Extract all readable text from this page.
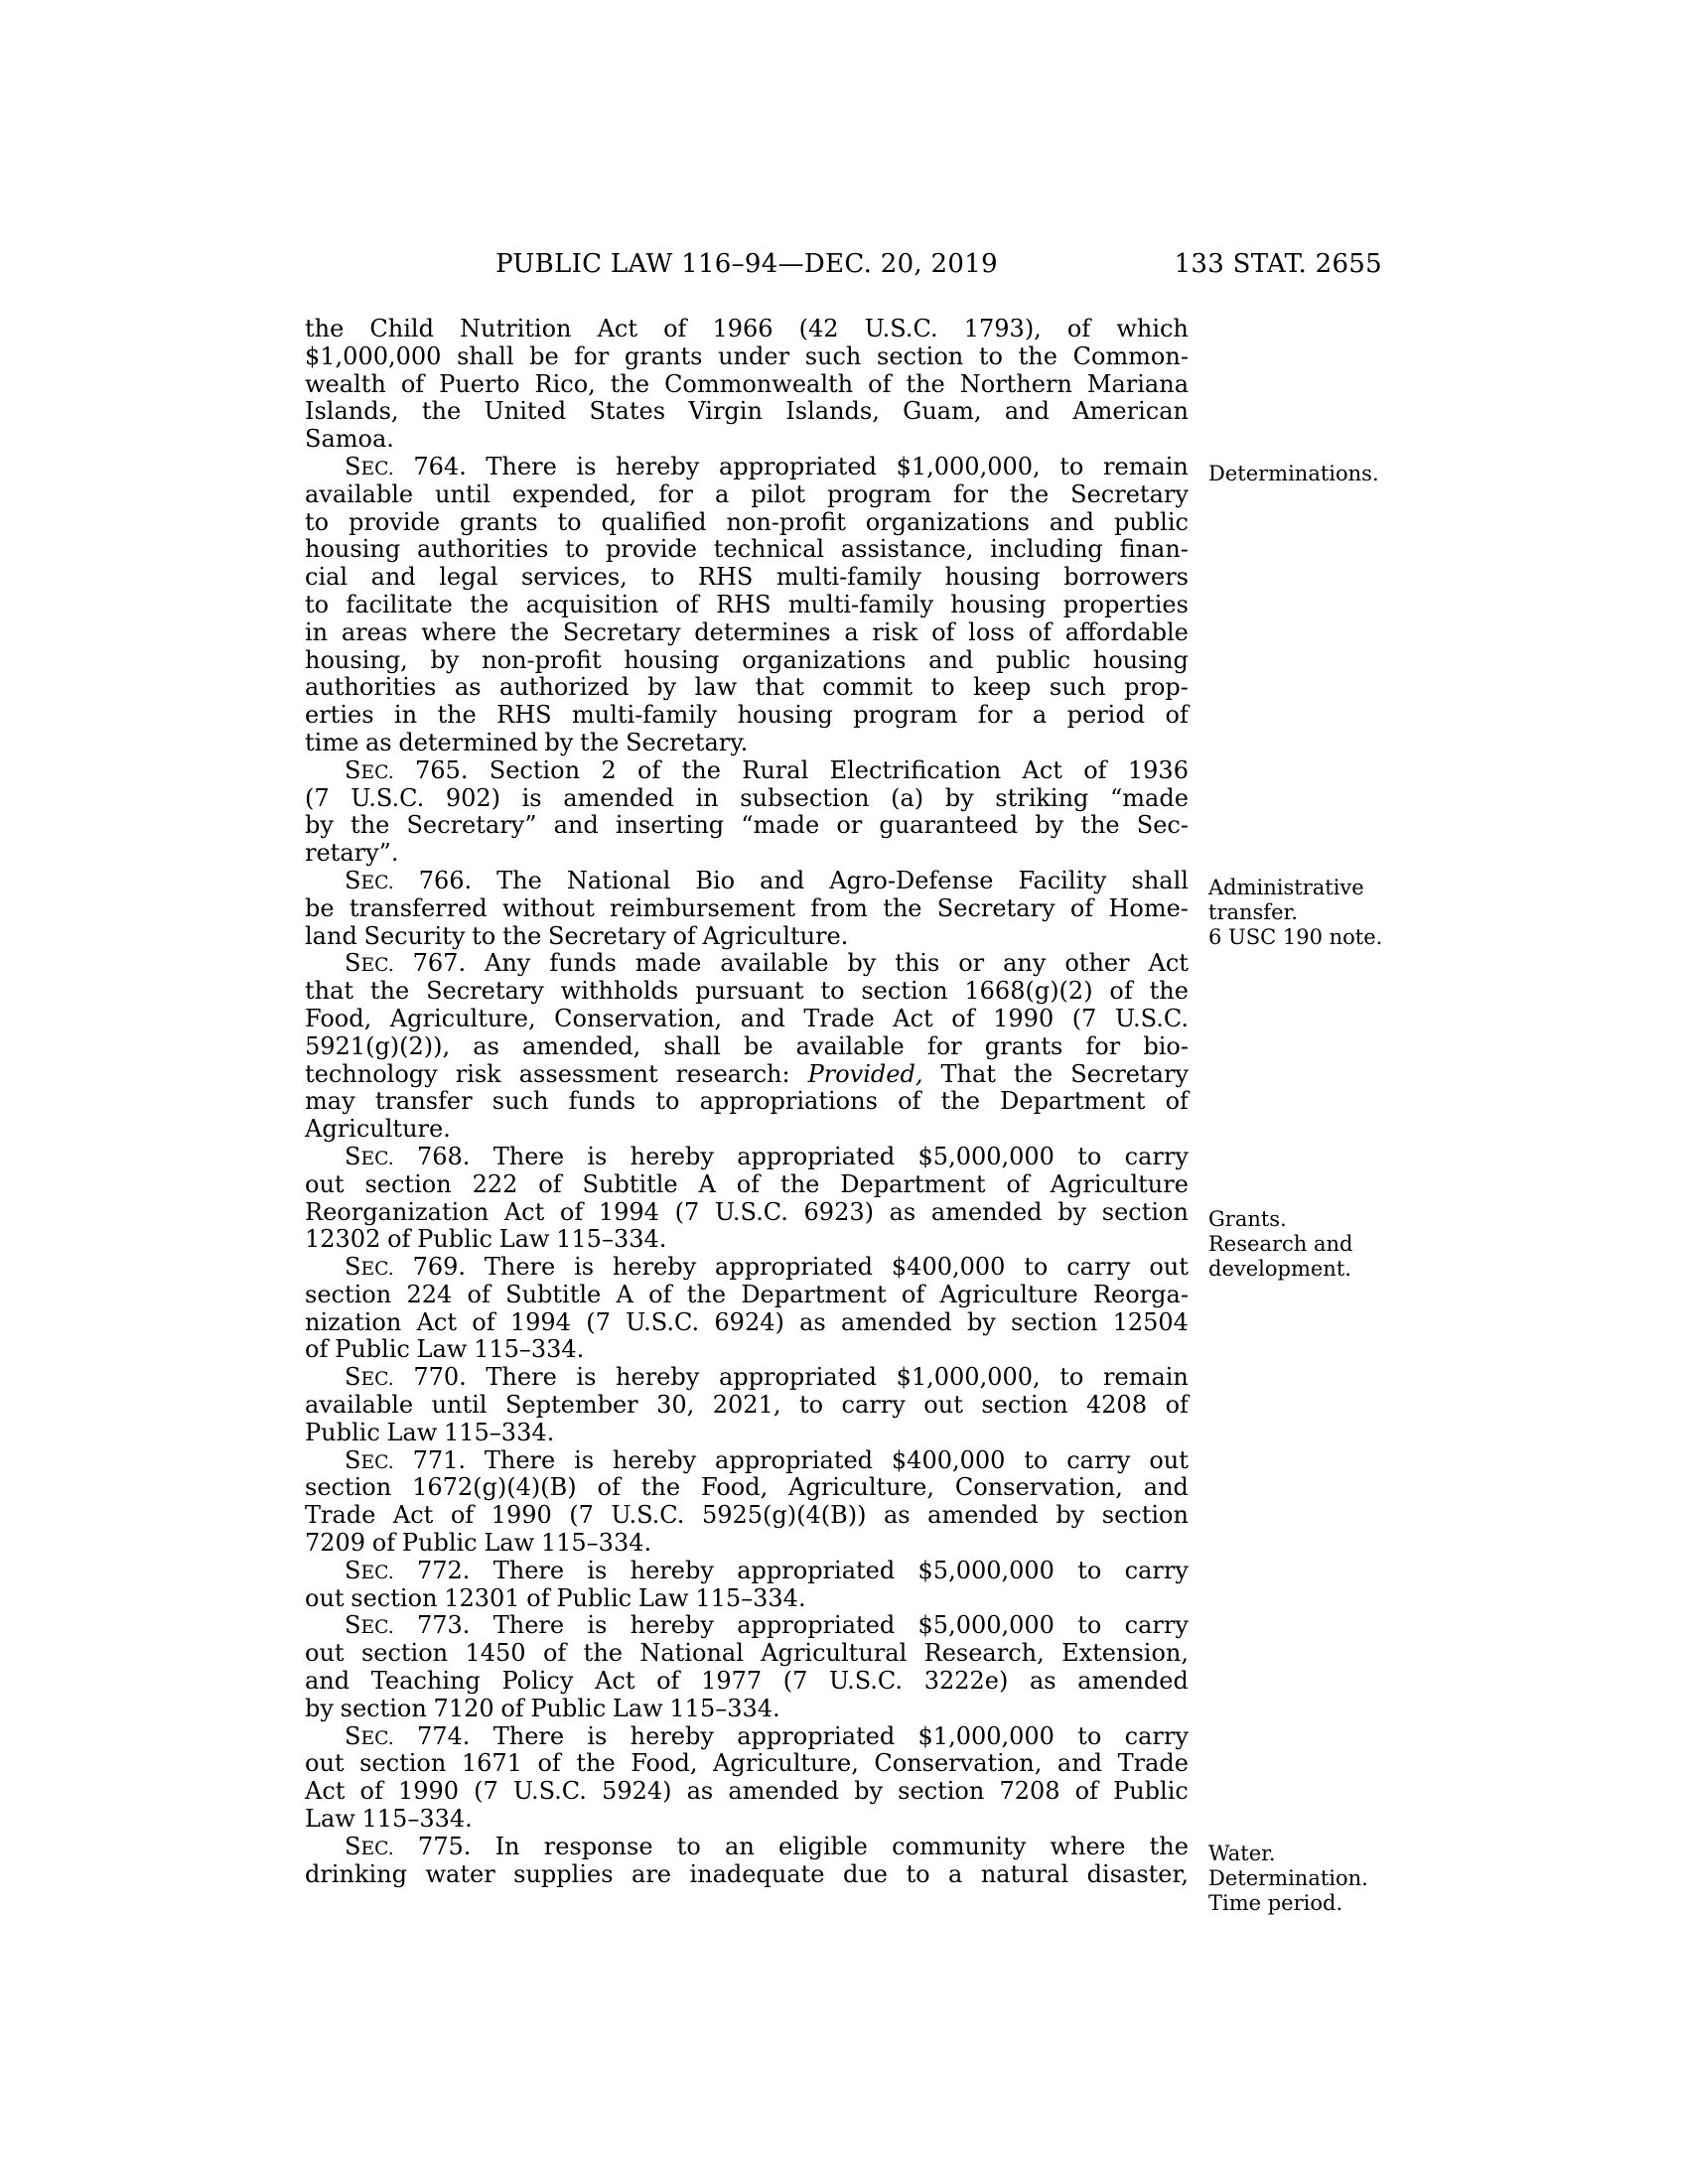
PUBLIC LAW 116–94—DEC. 20, 2019	133 STAT. 2655
the Child Nutrition Act of 1966 (42 U.S.C. 1793), of which
$1,000,000 shall be for grants under such section to the Common-
wealth of Puerto Rico, the Commonwealth of the Northern Mariana
Islands, the United States Virgin Islands, Guam, and American
Samoa.
SEC. 764. There is hereby appropriated $1,000,000, to remain
available until expended, for a pilot program for the Secretary
to provide grants to qualified non-profit organizations and public
housing authorities to provide technical assistance, including finan-
cial and legal services, to RHS multi-family housing borrowers
to facilitate the acquisition of RHS multi-family housing properties
in areas where the Secretary determines a risk of loss of affordable
housing, by non-profit housing organizations and public housing
authorities as authorized by law that commit to keep such prop-
erties in the RHS multi-family housing program for a period of
time as determined by the Secretary.
Determinations.
SEC. 765. Section 2 of the Rural Electrification Act of 1936
(7 U.S.C. 902) is amended in subsection (a) by striking “made
by the Secretary” and inserting “made or guaranteed by the Sec-
retary”.
SEC. 766. The National Bio and Agro-Defense Facility shall
be transferred without reimbursement from the Secretary of Home-
land Security to the Secretary of Agriculture.
Administrative
transfer.
6 USC 190 note.
SEC. 767. Any funds made available by this or any other Act
that the Secretary withholds pursuant to section 1668(g)(2) of the
Food, Agriculture, Conservation, and Trade Act of 1990 (7 U.S.C.
5921(g)(2)), as amended, shall be available for grants for bio-
technology risk assessment research: Provided, That the Secretary
may transfer such funds to appropriations of the Department of
Agriculture.
SEC. 768. There is hereby appropriated $5,000,000 to carry
out section 222 of Subtitle A of the Department of Agriculture
Reorganization Act of 1994 (7 U.S.C. 6923) as amended by section
12302 of Public Law 115–334.
Grants.
Research and
development.
SEC. 769. There is hereby appropriated $400,000 to carry out
section 224 of Subtitle A of the Department of Agriculture Reorga-
nization Act of 1994 (7 U.S.C. 6924) as amended by section 12504
of Public Law 115–334.
SEC. 770. There is hereby appropriated $1,000,000, to remain
available until September 30, 2021, to carry out section 4208 of
Public Law 115–334.
SEC. 771. There is hereby appropriated $400,000 to carry out
section 1672(g)(4)(B) of the Food, Agriculture, Conservation, and
Trade Act of 1990 (7 U.S.C. 5925(g)(4(B)) as amended by section
7209 of Public Law 115–334.
SEC. 772. There is hereby appropriated $5,000,000 to carry
out section 12301 of Public Law 115–334.
SEC. 773. There is hereby appropriated $5,000,000 to carry
out section 1450 of the National Agricultural Research, Extension,
and Teaching Policy Act of 1977 (7 U.S.C. 3222e) as amended
by section 7120 of Public Law 115–334.
SEC. 774. There is hereby appropriated $1,000,000 to carry
out section 1671 of the Food, Agriculture, Conservation, and Trade
Act of 1990 (7 U.S.C. 5924) as amended by section 7208 of Public
Law 115–334.
SEC. 775. In response to an eligible community where the
drinking water supplies are inadequate due to a natural disaster,
Water.
Determination.
Time period.
